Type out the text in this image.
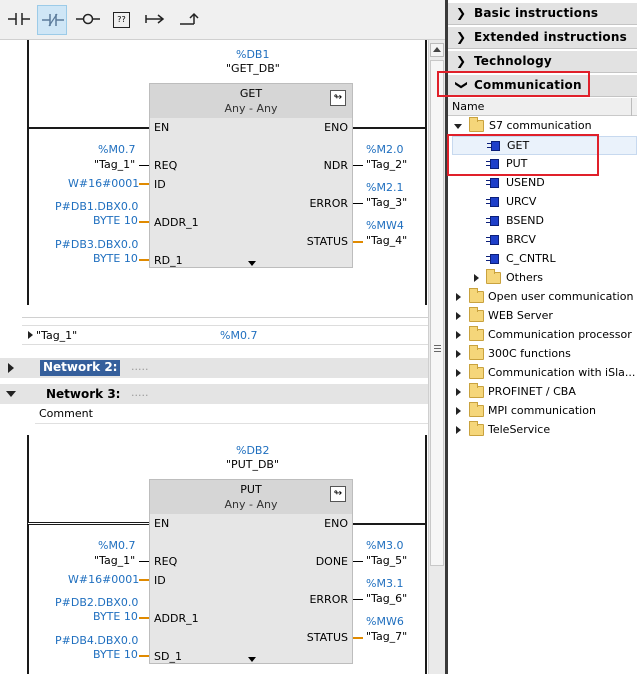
??
%DB1
"GET_DB"
GET
Any - Any
↬
EN
REQ
ID
ADDR_1
RD_1
ENO
NDR
ERROR
STATUS
%M0.7
"Tag_1"
W#16#0001
P#DB1.DBX0.0
BYTE 10
P#DB3.DBX0.0
BYTE 10
%M2.0
"Tag_2"
%M2.1
"Tag_3"
%MW4
"Tag_4"
"Tag_1"	%M0.7
Network 2: .....
Network 3: .....
Comment
%DB2
"PUT_DB"
PUT
Any - Any
↬
EN
REQ
ID
ADDR_1
SD_1
ENO
DONE
ERROR
STATUS
%M0.7
"Tag_1"
W#16#0001
P#DB2.DBX0.0
BYTE 10
P#DB4.DBX0.0
BYTE 10
%M3.0
"Tag_5"
%M3.1
"Tag_6"
%MW6
"Tag_7"
❯ Basic instructions
❯ Extended instructions
❯ Technology
❯ Communication
Name
S7 communication
GET
PUT
USEND
URCV
BSEND
BRCV
C_CNTRL
Others
Open user communication
WEB Server
Communication processor
300C functions
Communication with iSla...
PROFINET / CBA
MPI communication
TeleService
